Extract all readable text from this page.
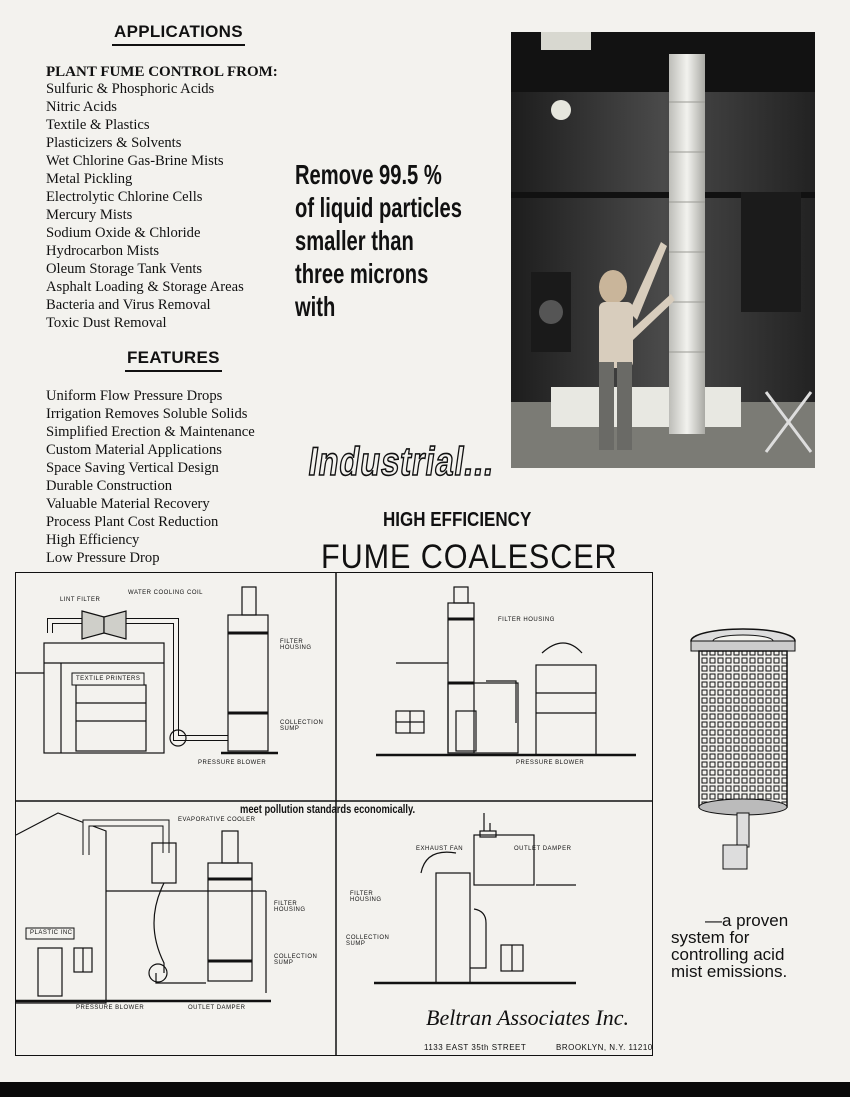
APPLICATIONS
PLANT FUME CONTROL FROM:
Sulfuric & Phosphoric Acids
Nitric Acids
Textile & Plastics
Plasticizers & Solvents
Wet Chlorine Gas-Brine Mists
Metal Pickling
Electrolytic Chlorine Cells
Mercury Mists
Sodium Oxide & Chloride
Hydrocarbon Mists
Oleum Storage Tank Vents
Asphalt Loading & Storage Areas
Bacteria and Virus Removal
Toxic Dust Removal
FEATURES
Uniform Flow Pressure Drops
Irrigation Removes Soluble Solids
Simplified Erection & Maintenance
Custom Material Applications
Space Saving Vertical Design
Durable Construction
Valuable Material Recovery
Process Plant Cost Reduction
High Efficiency
Low Pressure Drop
Remove 99.5 %
of liquid particles
smaller than
three microns
with
Industrial...
HIGH EFFICIENCY
FUME COALESCER
LINT FILTER
WATER COOLING COIL
FILTER HOUSING
TEXTILE PRINTERS
COLLECTION SUMP
PRESSURE BLOWER
FILTER HOUSING
PRESSURE BLOWER
meet pollution standards economically.
EVAPORATIVE COOLER
FILTER HOUSING
PLASTIC INC
COLLECTION SUMP
PRESSURE BLOWER	OUTLET DAMPER
EXHAUST FAN	OUTLET DAMPER
FILTER HOUSING
COLLECTION SUMP
Beltran Associates Inc.
1133 EAST 35th STREET	BROOKLYN, N.Y. 11210
—a proven
system for
controlling acid
mist emissions.
